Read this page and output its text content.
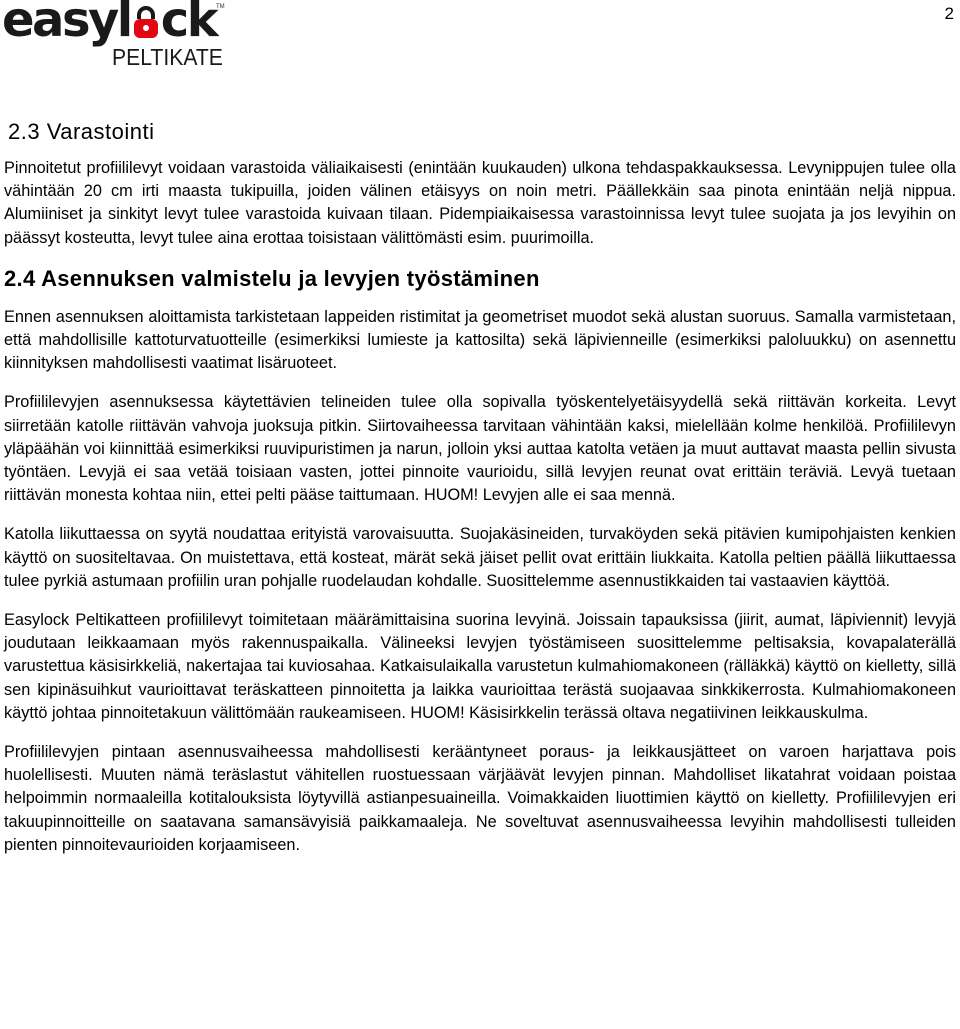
easyl ck TM
PELTIKATE
2
2.3 Varastointi

Pinnoitetut profiililevyt voidaan varastoida väliaikaisesti (enintään kuukauden) ulkona tehdaspakkauksessa. Levynippujen tulee olla vähintään 20 cm irti maasta tukipuilla, joiden välinen etäisyys on noin metri. Päällekkäin saa pinota enintään neljä nippua. Alumiiniset ja sinkityt levyt tulee varastoida kuivaan tilaan. Pidempiaikaisessa varastoinnissa levyt tulee suojata ja jos levyihin on päässyt kosteutta, levyt tulee aina erottaa toisistaan välittömästi esim. puurimoilla.

2.4 Asennuksen valmistelu ja levyjen työstäminen

Ennen asennuksen aloittamista tarkistetaan lappeiden ristimitat ja geometriset muodot sekä alustan suoruus. Samalla varmistetaan, että mahdollisille kattoturvatuotteille (esimerkiksi lumieste ja kattosilta) sekä läpivienneille (esimerkiksi paloluukku) on asennettu kiinnityksen mahdollisesti vaatimat lisäruoteet.

Profiililevyjen asennuksessa käytettävien telineiden tulee olla sopivalla työskentelyetäisyydellä sekä riittävän korkeita. Levyt siirretään katolle riittävän vahvoja juoksuja pitkin. Siirtovaiheessa tarvitaan vähintään kaksi, mielellään kolme henkilöä. Profiililevyn yläpäähän voi kiinnittää esimerkiksi ruuvipuristimen ja narun, jolloin yksi auttaa katolta vetäen ja muut auttavat maasta pellin sivusta työntäen. Levyjä ei saa vetää toisiaan vasten, jottei pinnoite vaurioidu, sillä levyjen reunat ovat erittäin teräviä. Levyä tuetaan riittävän monesta kohtaa niin, ettei pelti pääse taittumaan. HUOM! Levyjen alle ei saa mennä.

Katolla liikuttaessa on syytä noudattaa erityistä varovaisuutta. Suojakäsineiden, turvaköyden sekä pitävien kumipohjaisten kenkien käyttö on suositeltavaa. On muistettava, että kosteat, märät sekä jäiset pellit ovat erittäin liukkaita. Katolla peltien päällä liikuttaessa tulee pyrkiä astumaan profiilin uran pohjalle ruodelaudan kohdalle. Suosittelemme asennustikkaiden tai vastaavien käyttöä.

Easylock Peltikatteen profiililevyt toimitetaan määrämittaisina suorina levyinä. Joissain tapauksissa (jiirit, aumat, läpiviennit) levyjä joudutaan leikkaamaan myös rakennuspaikalla. Välineeksi levyjen työstämiseen suosittelemme peltisaksia, kovapalaterällä varustettua käsisirkkeliä, nakertajaa tai kuviosahaa. Katkaisulaikalla varustetun kulmahiomakoneen (rälläkkä) käyttö on kielletty, sillä sen kipinäsuihkut vaurioittavat teräskatteen pinnoitetta ja laikka vaurioittaa terästä suojaavaa sinkkikerrosta. Kulmahiomakoneen käyttö johtaa pinnoitetakuun välittömään raukeamiseen. HUOM! Käsisirkkelin terässä oltava negatiivinen leikkauskulma.

Profiililevyjen pintaan asennusvaiheessa mahdollisesti kerääntyneet poraus- ja leikkausjätteet on varoen harjattava pois huolellisesti. Muuten nämä teräslastut vähitellen ruostuessaan värjäävät levyjen pinnan. Mahdolliset likatahrat voidaan poistaa helpoimmin normaaleilla kotitalouksista löytyvillä astianpesuaineilla. Voimakkaiden liuottimien käyttö on kielletty. Profiililevyjen eri takuupinnoitteille on saatavana samansävyisiä paikkamaaleja. Ne soveltuvat asennusvaiheessa levyihin mahdollisesti tulleiden pienten pinnoitevaurioiden korjaamiseen.
